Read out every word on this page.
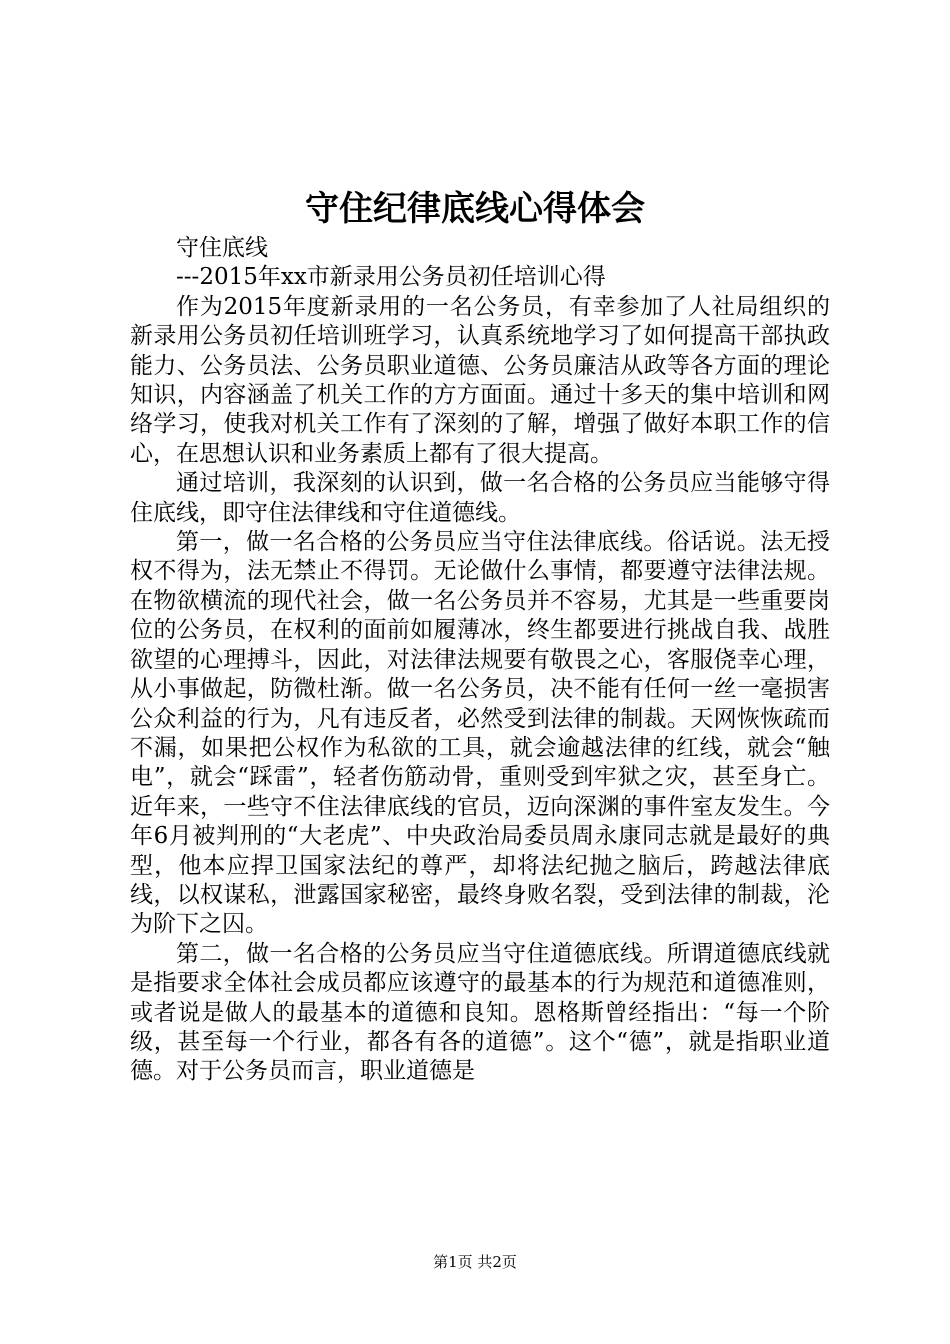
守住纪律底线心得体会

守住底线

---2015年xx市新录用公务员初任培训心得

作为2015年度新录用的一名公务员，有幸参加了人社局组织的新录用公务员初任培训班学习，认真系统地学习了如何提高干部执政能力、公务员法、公务员职业道德、公务员廉洁从政等各方面的理论知识，内容涵盖了机关工作的方方面面。通过十多天的集中培训和网络学习，使我对机关工作有了深刻的了解，增强了做好本职工作的信心，在思想认识和业务素质上都有了很大提高。

通过培训，我深刻的认识到，做一名合格的公务员应当能够守得住底线，即守住法律线和守住道德线。

第一，做一名合格的公务员应当守住法律底线。俗话说。法无授权不得为，法无禁止不得罚。无论做什么事情，都要遵守法律法规。在物欲横流的现代社会，做一名公务员并不容易，尤其是一些重要岗位的公务员，在权利的面前如履薄冰，终生都要进行挑战自我、战胜欲望的心理搏斗，因此，对法律法规要有敬畏之心，客服侥幸心理，从小事做起，防微杜渐。做一名公务员，决不能有任何一丝一毫损害公众利益的行为，凡有违反者，必然受到法律的制裁。天网恢恢疏而不漏，如果把公权作为私欲的工具，就会逾越法律的红线，就会“触电”，就会“踩雷”，轻者伤筋动骨，重则受到牢狱之灾，甚至身亡。近年来，一些守不住法律底线的官员，迈向深渊的事件室友发生。今年6月被判刑的“大老虎”、中央政治局委员周永康同志就是最好的典型，他本应捍卫国家法纪的尊严，却将法纪抛之脑后，跨越法律底线，以权谋私，泄露国家秘密，最终身败名裂，受到法律的制裁，沦为阶下之囚。

第二，做一名合格的公务员应当守住道德底线。所谓道德底线就是指要求全体社会成员都应该遵守的最基本的行为规范和道德准则，或者说是做人的最基本的道德和良知。恩格斯曾经指出：“每一个阶级，甚至每一个行业，都各有各的道德”。这个“德”，就是指职业道德。对于公务员而言，职业道德是

第1页 共2页
